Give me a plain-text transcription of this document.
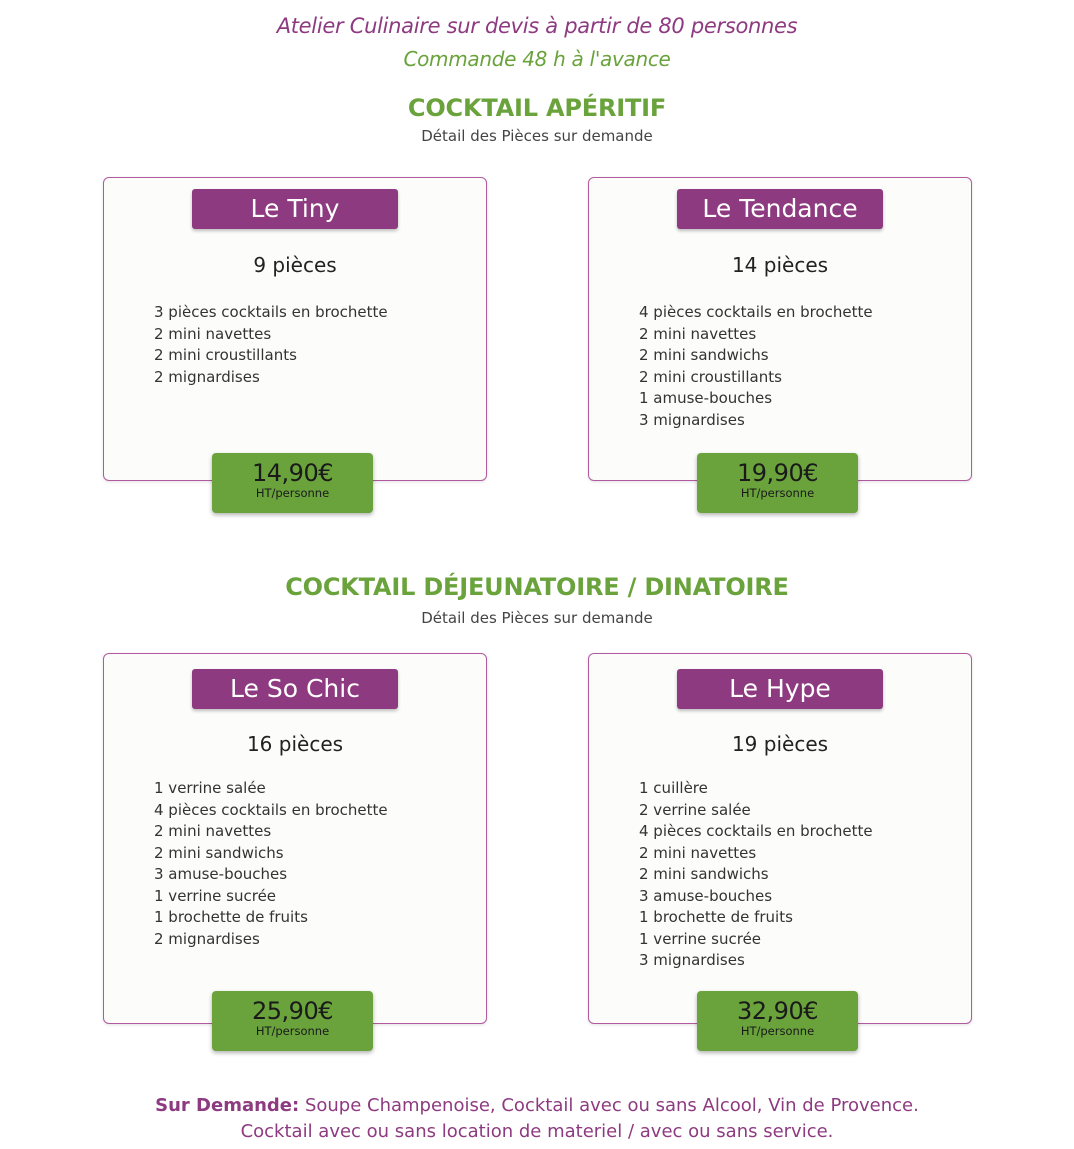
Atelier Culinaire sur devis à partir de 80 personnes
Commande 48 h à l'avance
COCKTAIL APÉRITIF
Détail des Pièces sur demande
Le Tiny
9 pièces
3 pièces cocktails en brochette
2 mini navettes
2 mini croustillants
2 mignardises
14,90€
HT/personne
Le Tendance
14 pièces
4 pièces cocktails en brochette
2 mini navettes
2 mini sandwichs
2 mini croustillants
1 amuse-bouches
3 mignardises
19,90€
HT/personne
COCKTAIL DÉJEUNATOIRE / DINATOIRE
Détail des Pièces sur demande
Le So Chic
16 pièces
1 verrine salée
4 pièces cocktails en brochette
2 mini navettes
2 mini sandwichs
3 amuse-bouches
1 verrine sucrée
1 brochette de fruits
2 mignardises
25,90€
HT/personne
Le Hype
19 pièces
1 cuillère
2 verrine salée
4 pièces cocktails en brochette
2 mini navettes
2 mini sandwichs
3 amuse-bouches
1 brochette de fruits
1 verrine sucrée
3 mignardises
32,90€
HT/personne
Sur Demande: Soupe Champenoise, Cocktail avec ou sans Alcool, Vin de Provence.
Cocktail avec ou sans location de materiel / avec ou sans service.
